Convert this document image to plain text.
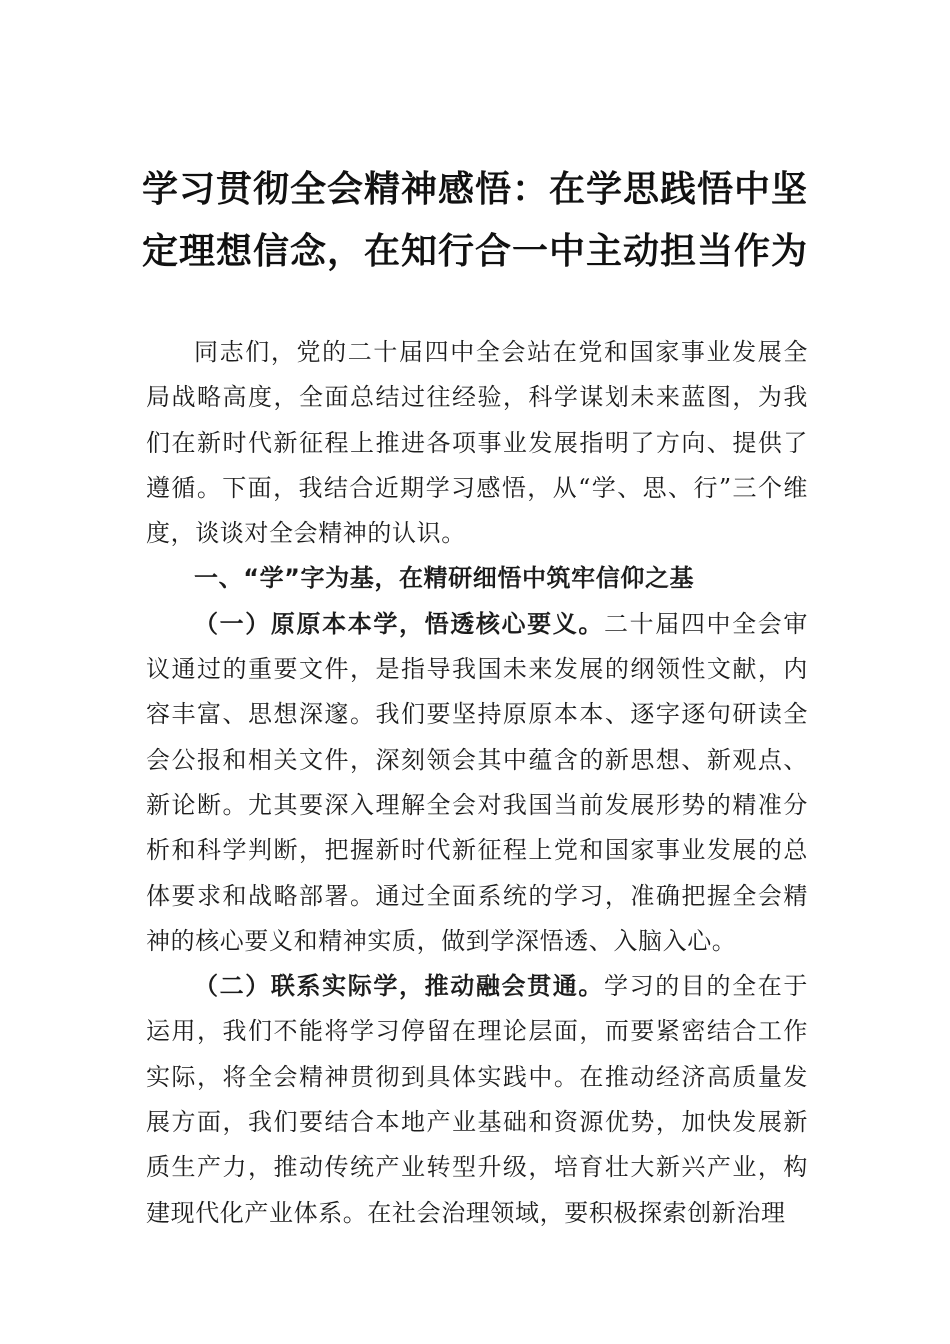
学习贯彻全会精神感悟：在学思践悟中坚
定理想信念，在知行合一中主动担当作为

同志们，党的二十届四中全会站在党和国家事业发展全局战略高度，全面总结过往经验，科学谋划未来蓝图，为我们在新时代新征程上推进各项事业发展指明了方向、提供了遵循。下面，我结合近期学习感悟，从“学、思、行”三个维度，谈谈对全会精神的认识。

一、“学”字为基，在精研细悟中筑牢信仰之基

（一）原原本本学，悟透核心要义。二十届四中全会审议通过的重要文件，是指导我国未来发展的纲领性文献，内容丰富、思想深邃。我们要坚持原原本本、逐字逐句研读全会公报和相关文件，深刻领会其中蕴含的新思想、新观点、新论断。尤其要深入理解全会对我国当前发展形势的精准分析和科学判断，把握新时代新征程上党和国家事业发展的总体要求和战略部署。通过全面系统的学习，准确把握全会精神的核心要义和精神实质，做到学深悟透、入脑入心。

（二）联系实际学，推动融会贯通。学习的目的全在于运用，我们不能将学习停留在理论层面，而要紧密结合工作实际，将全会精神贯彻到具体实践中。在推动经济高质量发展方面，我们要结合本地产业基础和资源优势，加快发展新质生产力，推动传统产业转型升级，培育壮大新兴产业，构建现代化产业体系。在社会治理领域，要积极探索创新治理
